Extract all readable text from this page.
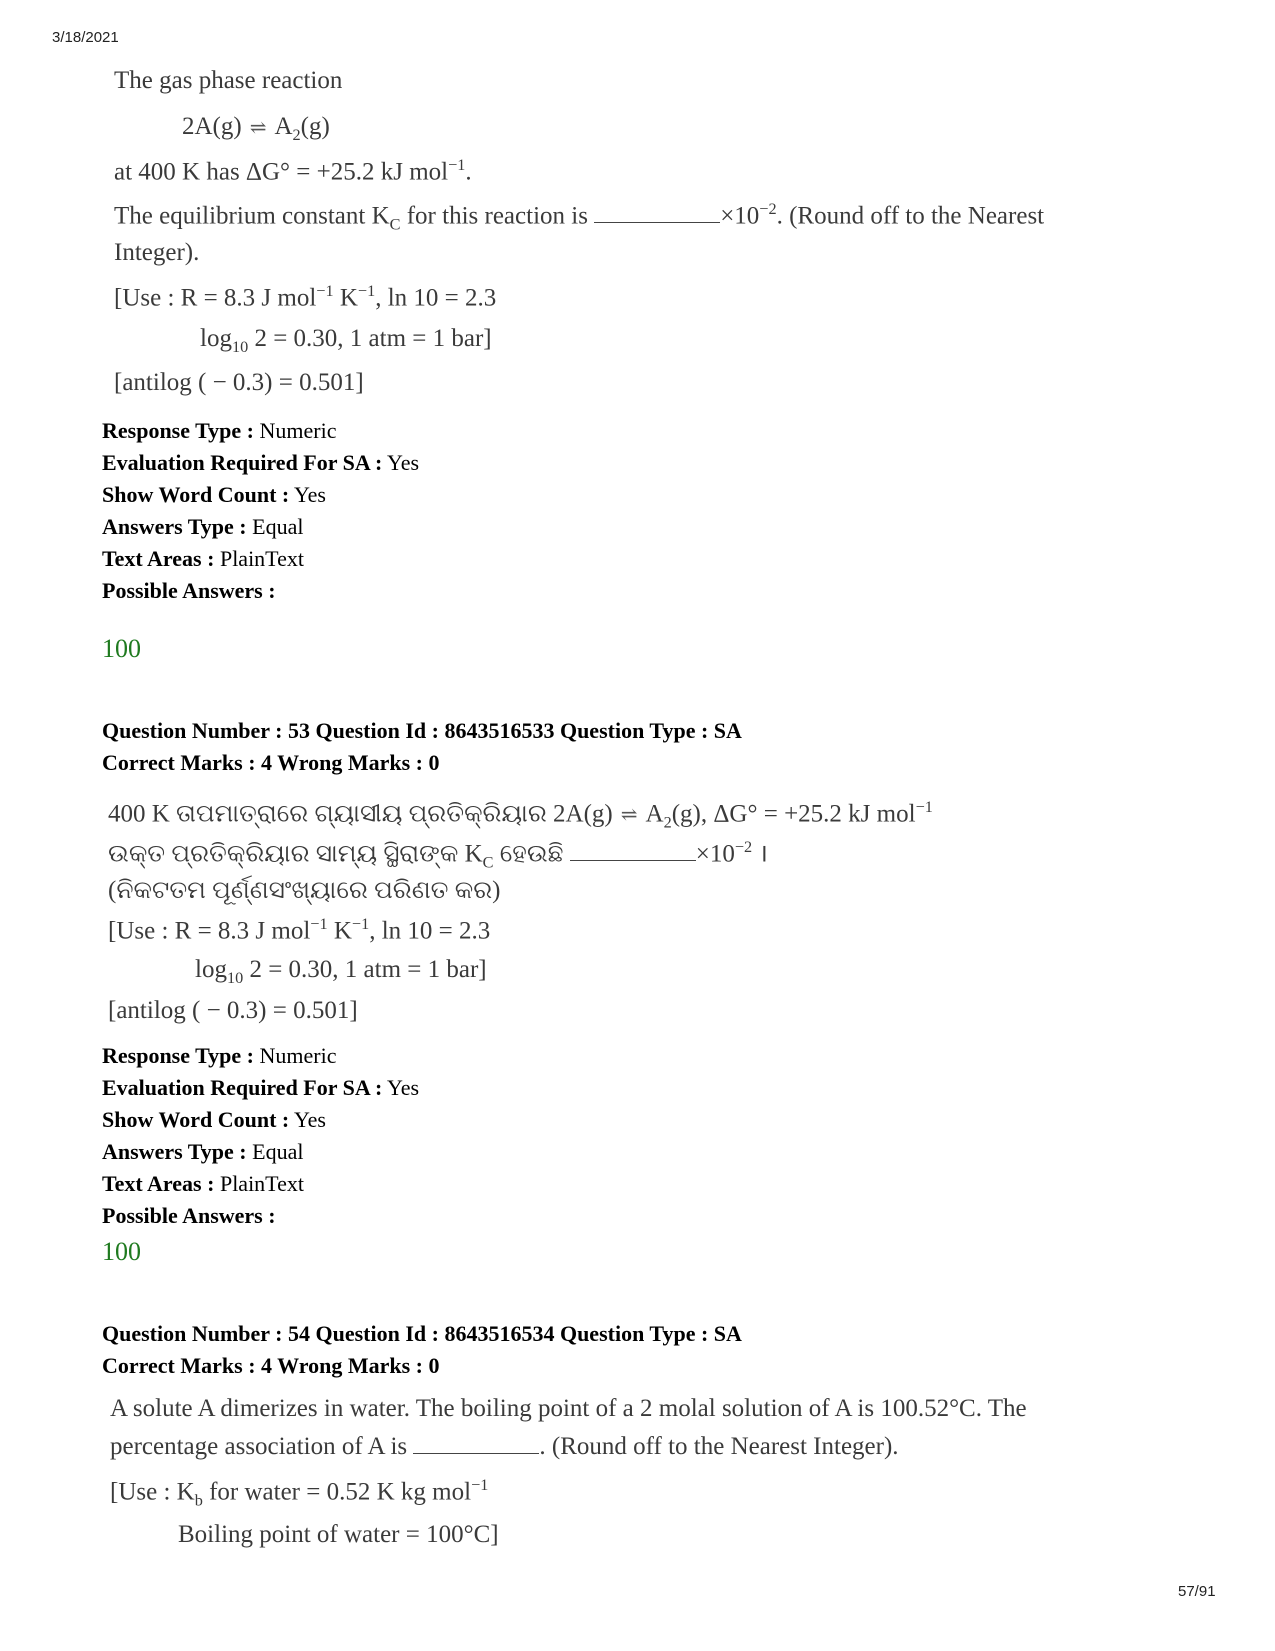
3/18/2021
The gas phase reaction
2A(g) ⇌ $A_2(g)$
at 400 K has ΔG° = +25.2 kJ mol$^{-1}$.
The equilibrium constant $K_C$ for this reaction is	$\times 10^{-2}$. (Round off to the Nearest
Integer).
[Use : R = 8.3 J mol$^{-1}$ $K^{-1}$, ln 10 = 2.3
$\log_{10} 2 = 0.30$, 1 atm = 1 bar]
[antilog ( − 0.3) = 0.501]
Response Type : Numeric
Evaluation Required For SA : Yes
Show Word Count : Yes
Answers Type : Equal
Text Areas : PlainText
Possible Answers :
100
Question Number : 53 Question Id : 8643516533 Question Type : SA
Correct Marks : 4 Wrong Marks : 0
400 K ତାପମାତ୍ରାରେ ଗ୍ୟାସୀୟ ପ୍ରତିକ୍ରିୟାର 2A(g) ⇌ $A_2(g)$, ΔG° = +25.2 kJ mol$^{-1}$
ଉକ୍ତ ପ୍ରତିକ୍ରିୟାର ସାମ୍ୟ ସ୍ଥିରାଙ୍କ $K_C$ ହେଉଛି	$\times 10^{-2}$ ।
(ନିକଟତମ ପୂର୍ଣ୍ଣସଂଖ୍ୟାରେ ପରିଣତ କର)
[Use : R = 8.3 J mol$^{-1}$ $K^{-1}$, ln 10 = 2.3
$\log_{10} 2 = 0.30$, 1 atm = 1 bar]
[antilog ( − 0.3) = 0.501]
Response Type : Numeric
Evaluation Required For SA : Yes
Show Word Count : Yes
Answers Type : Equal
Text Areas : PlainText
Possible Answers :
100
Question Number : 54 Question Id : 8643516534 Question Type : SA
Correct Marks : 4 Wrong Marks : 0
A solute A dimerizes in water. The boiling point of a 2 molal solution of A is 100.52°C. The
percentage association of A is	. (Round off to the Nearest Integer).
[Use : $K_b$ for water = 0.52 K kg mol$^{-1}$
Boiling point of water = 100°C]
57/91
